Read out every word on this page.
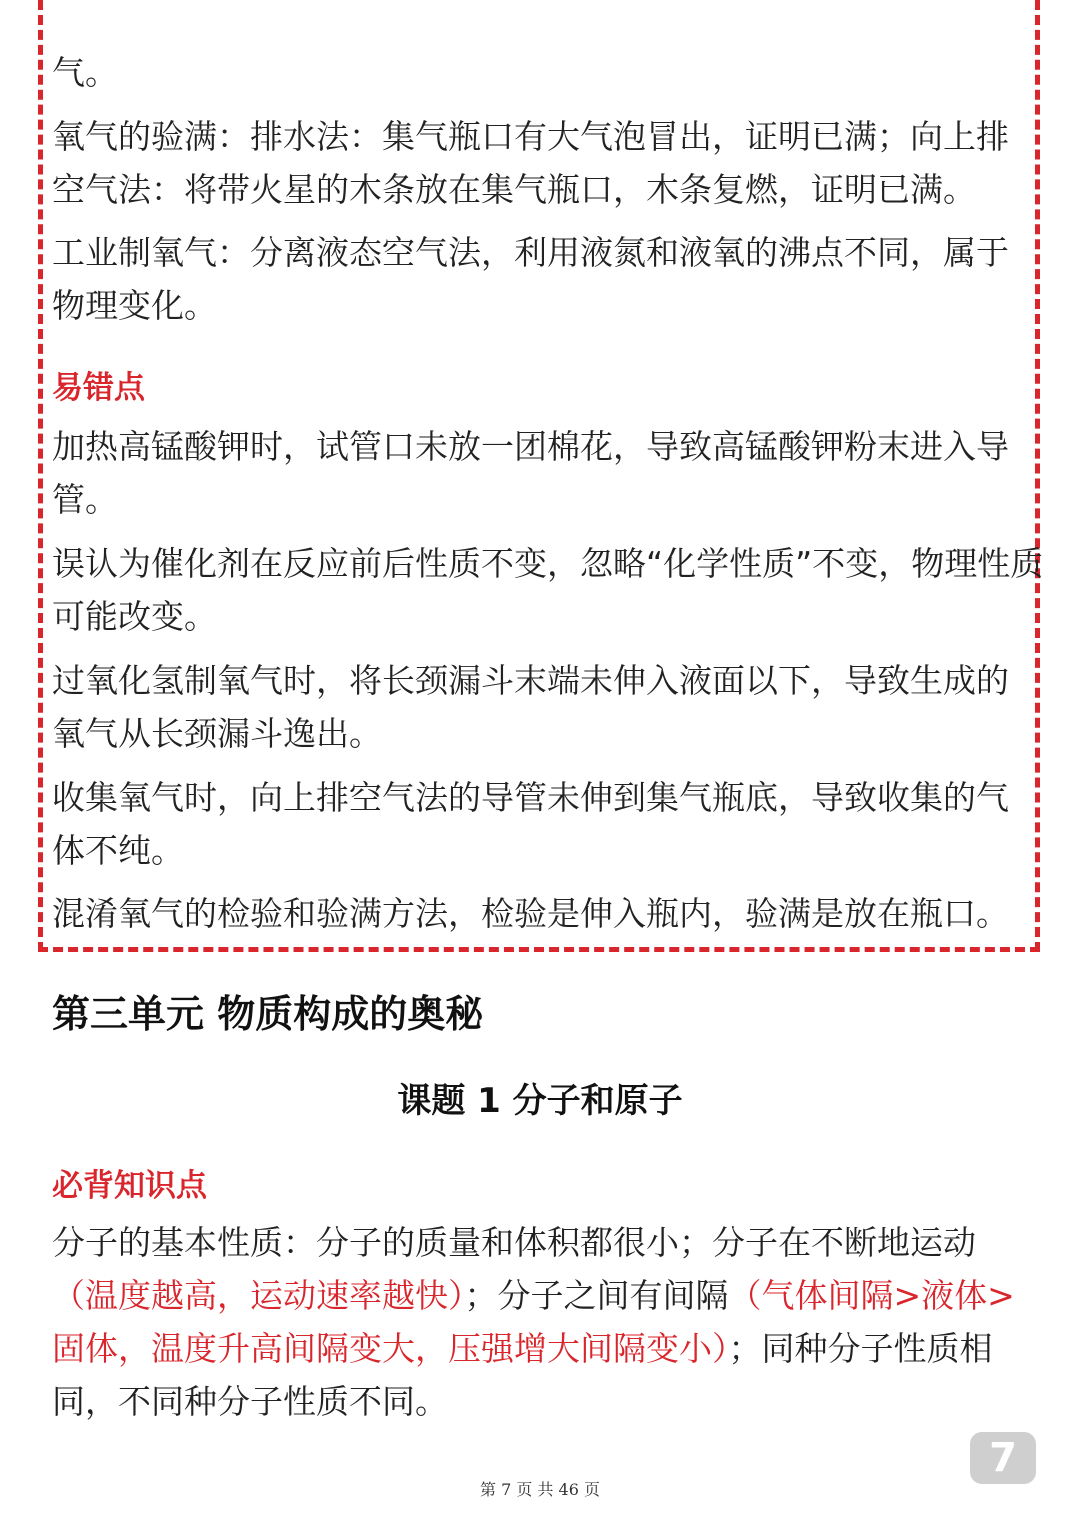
气。
氧气的验满：排水法：集气瓶口有大气泡冒出，证明已满；向上排
空气法：将带火星的木条放在集气瓶口，木条复燃，证明已满。
工业制氧气：分离液态空气法，利用液氮和液氧的沸点不同，属于
物理变化。
易错点
加热高锰酸钾时，试管口未放一团棉花，导致高锰酸钾粉末进入导
管。
误认为催化剂在反应前后性质不变，忽略“化学性质”不变，物理性质
可能改变。
过氧化氢制氧气时，将长颈漏斗末端未伸入液面以下，导致生成的
氧气从长颈漏斗逸出。
收集氧气时，向上排空气法的导管未伸到集气瓶底，导致收集的气
体不纯。
混淆氧气的检验和验满方法，检验是伸入瓶内，验满是放在瓶口。
第三单元 物质构成的奥秘
课题 1 分子和原子
必背知识点
分子的基本性质：分子的质量和体积都很小；分子在不断地运动
（温度越高，运动速率越快）；分子之间有间隔（气体间隔>液体>
固体，温度升高间隔变大，压强增大间隔变小）；同种分子性质相
同，不同种分子性质不同。
7
第 7 页 共 46 页
